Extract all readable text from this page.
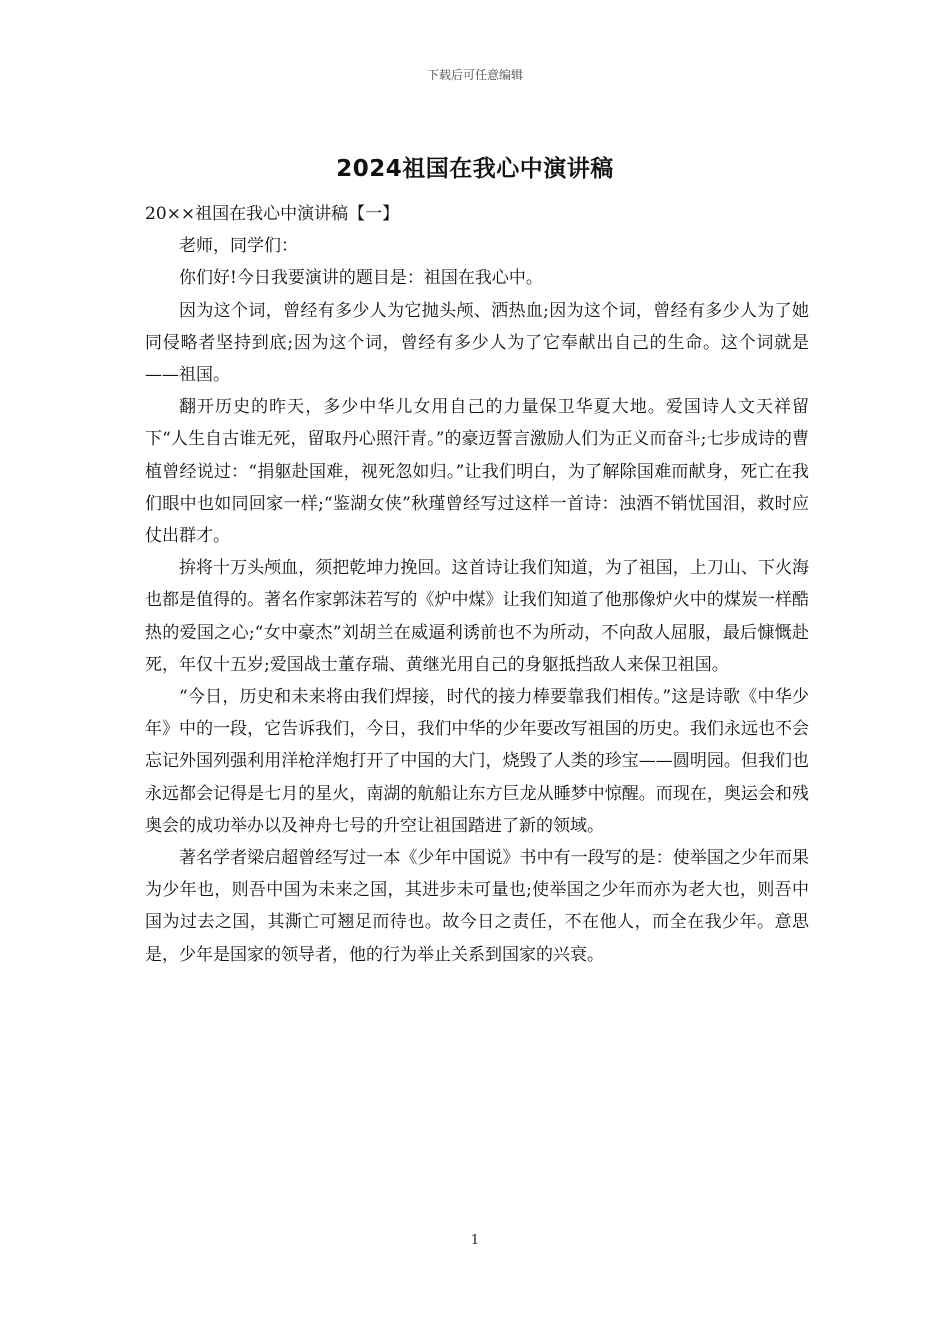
下载后可任意编辑
2024祖国在我心中演讲稿

20××祖国在我心中演讲稿【一】

老师，同学们：

你们好!今日我要演讲的题目是：祖国在我心中。

因为这个词，曾经有多少人为它抛头颅、洒热血;因为这个词，曾经有多少人为了她同侵略者坚持到底;因为这个词，曾经有多少人为了它奉献出自己的生命。这个词就是——祖国。

翻开历史的昨天，多少中华儿女用自己的力量保卫华夏大地。爱国诗人文天祥留下“人生自古谁无死，留取丹心照汗青。”的豪迈誓言激励人们为正义而奋斗;七步成诗的曹植曾经说过：“捐躯赴国难，视死忽如归。”让我们明白，为了解除国难而献身，死亡在我们眼中也如同回家一样;“鉴湖女侠”秋瑾曾经写过这样一首诗：浊酒不销忧国泪，救时应仗出群才。

拚将十万头颅血，须把乾坤力挽回。这首诗让我们知道，为了祖国，上刀山、下火海也都是值得的。著名作家郭沫若写的《炉中煤》让我们知道了他那像炉火中的煤炭一样酷热的爱国之心;“女中豪杰”刘胡兰在威逼利诱前也不为所动，不向敌人屈服，最后慷慨赴死，年仅十五岁;爱国战士董存瑞、黄继光用自己的身躯抵挡敌人来保卫祖国。

“今日，历史和未来将由我们焊接，时代的接力棒要靠我们相传。”这是诗歌《中华少年》中的一段，它告诉我们，今日，我们中华的少年要改写祖国的历史。我们永远也不会忘记外国列强利用洋枪洋炮打开了中国的大门，烧毁了人类的珍宝——圆明园。但我们也永远都会记得是七月的星火，南湖的航船让东方巨龙从睡梦中惊醒。而现在，奥运会和残奥会的成功举办以及神舟七号的升空让祖国踏进了新的领域。

著名学者梁启超曾经写过一本《少年中国说》书中有一段写的是：使举国之少年而果为少年也，则吾中国为未来之国，其进步未可量也;使举国之少年而亦为老大也，则吾中国为过去之国，其澌亡可翘足而待也。故今日之责任，不在他人，而全在我少年。意思是，少年是国家的领导者，他的行为举止关系到国家的兴衰。

1
